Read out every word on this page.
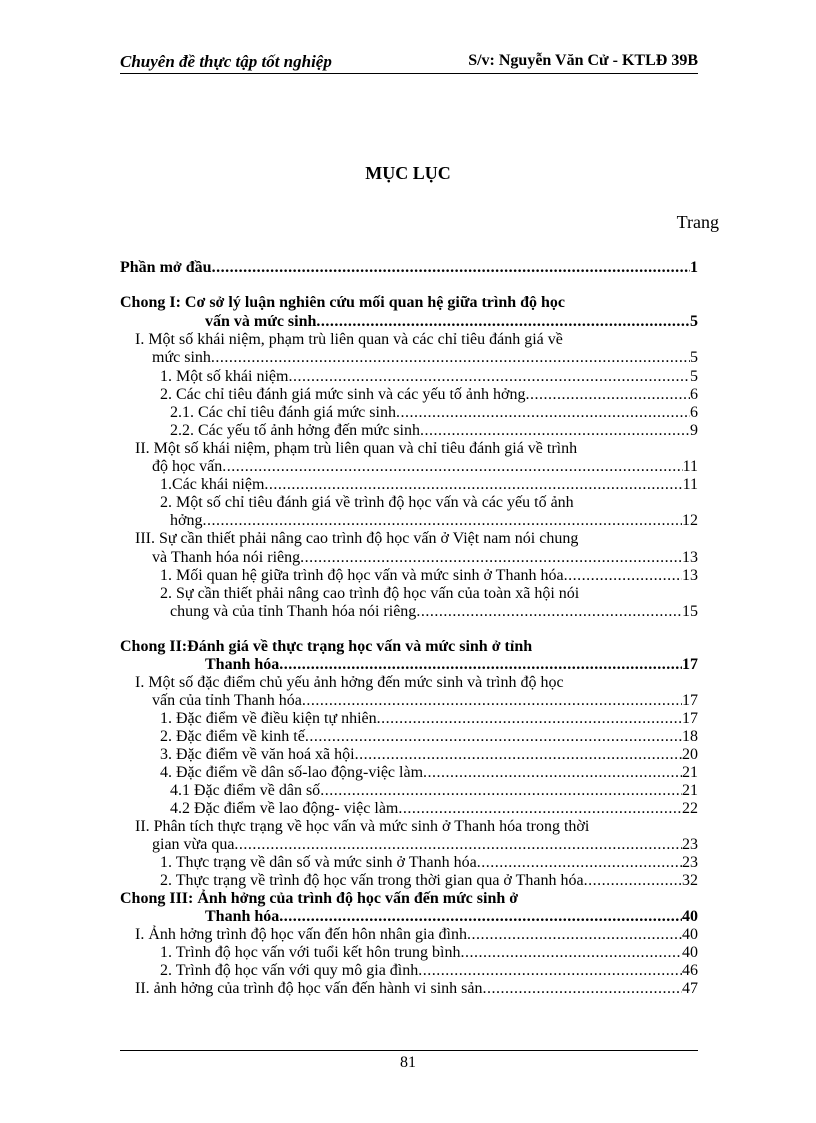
Chuyên đề thực tập tốt nghiệp	S/v: Nguyễn Văn Cử - KTLĐ 39B
MỤC LỤC
Trang
Phần mở đầu .....	1
Chong I: Cơ sở lý luận nghiên cứu mối quan hệ giữa trình độ học
vấn và mức sinh .....	5
I. Một số khái niệm, phạm trù liên quan và các chỉ tiêu đánh giá về
mức sinh .....	5
1. Một số khái niệm .....	5
2. Các chỉ tiêu đánh giá mức sinh và các yếu tố ảnh hởng .....	6
2.1. Các chỉ tiêu đánh giá mức sinh .....	6
2.2. Các yếu tố ảnh hởng đến mức sinh .....	9
II. Một số khái niệm, phạm trù liên quan và chỉ tiêu đánh giá về trình
độ học vấn .....	11
1.Các khái niệm .....	11
2. Một số chỉ tiêu đánh giá về trình độ học vấn và các yếu tố ảnh
hởng .....	12
III. Sự cần thiết phải nâng cao trình độ học vấn ở Việt nam nói chung
và Thanh hóa nói riêng .....	13
1. Mối quan hệ giữa trình độ học vấn và mức sinh ở Thanh hóa .....	13
2. Sự cần thiết phải nâng cao trình độ học vấn của toàn xã hội nói
chung và của tỉnh Thanh hóa nói riêng .....	15
Chong II:Đánh giá về thực trạng học vấn và mức sinh ở tỉnh
Thanh hóa .....	17
I. Một số đặc điểm chủ yếu ảnh hởng đến mức sinh và trình độ học
vấn của tỉnh Thanh hóa .....	17
1. Đặc điểm về điều kiện tự nhiên .....	17
2. Đặc điểm về kinh tế .....	18
3. Đặc điểm về văn hoá xã hội .....	20
4. Đặc điểm về dân số-lao động-việc làm .....	21
4.1 Đặc điểm về dân số .....	21
4.2 Đặc điểm về lao động- việc làm .....	22
II. Phân tích thực trạng về học vấn và mức sinh ở Thanh hóa trong thời
gian vừa qua .....	23
1. Thực trạng về dân số và mức sinh ở Thanh hóa .....	23
2. Thực trạng về trình độ học vấn trong thời gian qua ở Thanh hóa .....	32
Chong III: Ảnh hởng của trình độ học vấn đến mức sinh ở
Thanh hóa .....	40
I. Ảnh hởng trình độ học vấn đến hôn nhân gia đình .....	40
1. Trình độ học vấn với tuổi kết hôn trung bình .....	40
2. Trình độ học vấn với quy mô gia đình .....	46
II. ảnh hởng của trình độ học vấn đến hành vi sinh sản .....	47
81
